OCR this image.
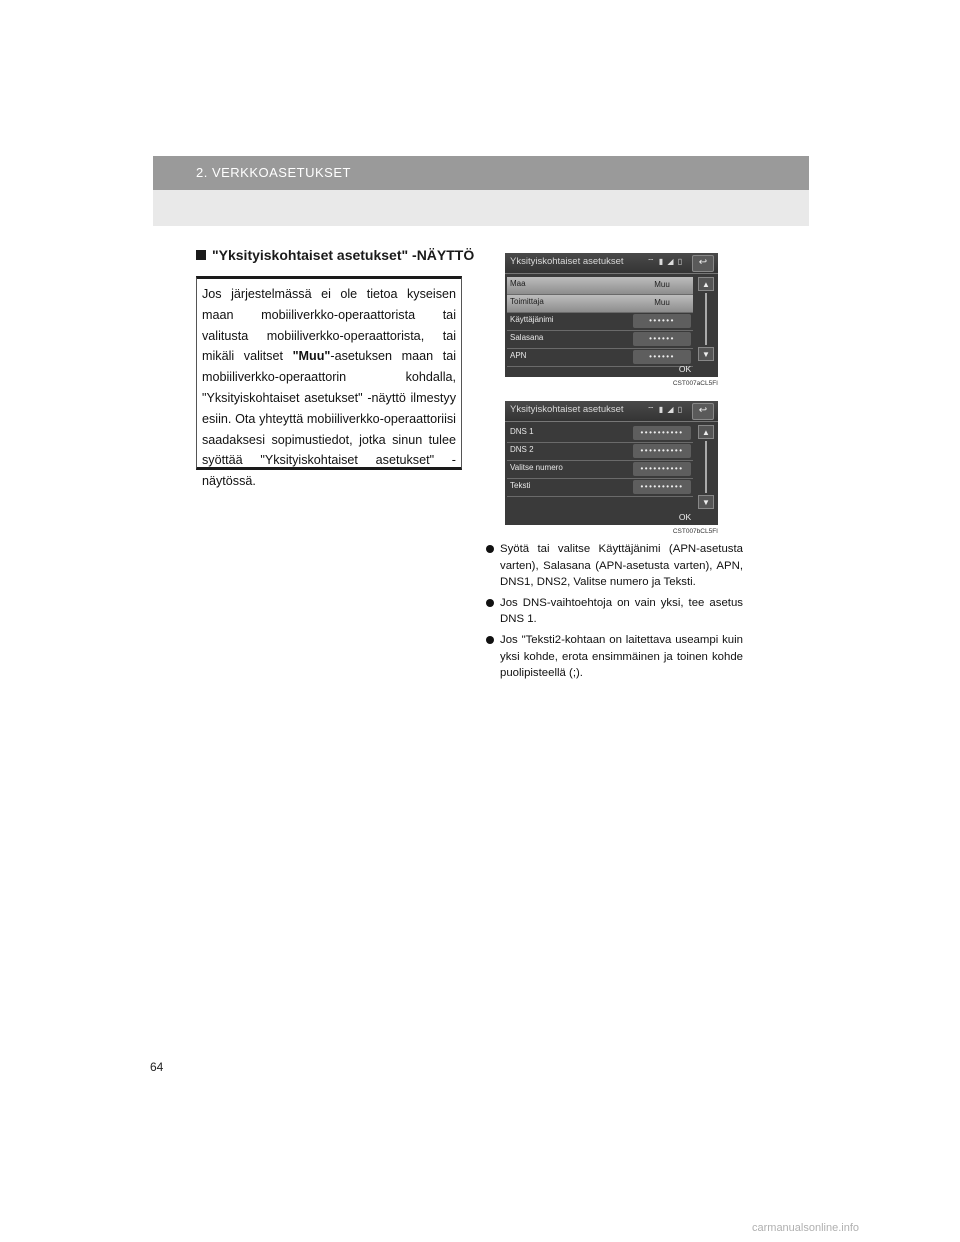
2. VERKKOASETUKSET
"Yksityiskohtaiset asetukset" -NÄYTTÖ
Jos järjestelmässä ei ole tietoa kyseisen maan mobiiliverkko-operaattorista tai valitusta mobiiliverkko-operaattorista, tai mikäli valitset "Muu"-asetuksen maan tai mobiiliverkko-operaattorin kohdalla, "Yksityiskohtaiset asetukset" -näyttö ilmestyy esiin. Ota yhteyttä mobiiliverkko-operaattoriisi saadaksesi sopimustiedot, jotka sinun tulee syöttää "Yksityiskohtaiset asetukset" -näytössä.
Yksityiskohtaiset asetukset	⌔ ▮ ◢ ▯	↩
Maa	Muu
Toimittaja	Muu
Käyttäjänimi	••••••
Salasana	••••••
APN	••••••
▲
▼
OK
CST007aCL5FI
Yksityiskohtaiset asetukset	⌔ ▮ ◢ ▯	↩
DNS 1	••••••••••
DNS 2	••••••••••
Valitse numero	••••••••••
Teksti	••••••••••
▲
▼
OK
CST007bCL5FI
Syötä tai valitse Käyttäjänimi (APN-asetusta varten), Salasana (APN-asetusta varten), APN, DNS1, DNS2, Valitse numero ja Teksti.
Jos DNS-vaihtoehtoja on vain yksi, tee asetus DNS 1.
Jos "Teksti2-kohtaan on laitettava useampi kuin yksi kohde, erota ensimmäinen ja toinen kohde puolipisteellä (;).
64
carmanualsonline.info
